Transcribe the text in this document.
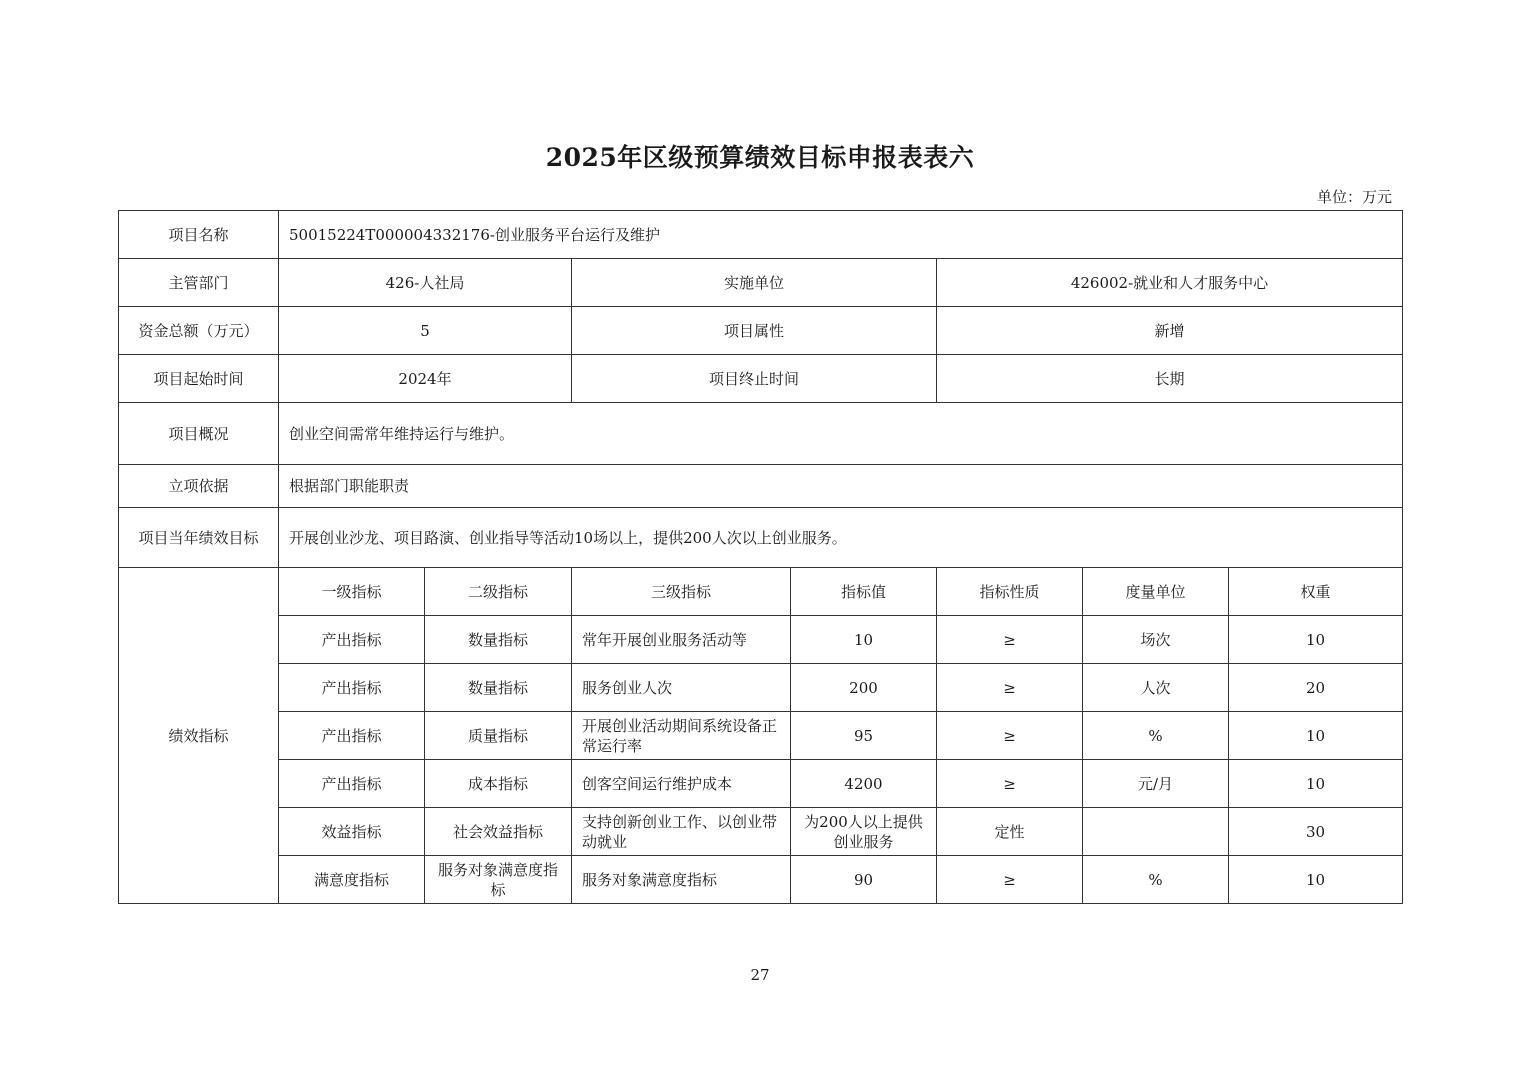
2025年区级预算绩效目标申报表表六
单位：万元
项目名称	50015224T000004332176-创业服务平台运行及维护						
主管部门	426-人社局		实施单位		426002-就业和人才服务中心		
资金总额（万元）	5		项目属性		新增		
项目起始时间	2024年		项目终止时间		长期		
项目概况	创业空间需常年维持运行与维护。						
立项依据	根据部门职能职责						
项目当年绩效目标	开展创业沙龙、项目路演、创业指导等活动10场以上，提供200人次以上创业服务。						
绩效指标	一级指标	二级指标	三级指标	指标值	指标性质	度量单位	权重
	产出指标	数量指标	常年开展创业服务活动等	10	≥	场次	10
	产出指标	数量指标	服务创业人次	200	≥	人次	20
	产出指标	质量指标	开展创业活动期间系统设备正常运行率	95	≥	%	10
	产出指标	成本指标	创客空间运行维护成本	4200	≥	元/月	10
	效益指标	社会效益指标	支持创新创业工作、以创业带动就业	为200人以上提供创业服务	定性		30
	满意度指标	服务对象满意度指标	服务对象满意度指标	90	≥	%	10
27
